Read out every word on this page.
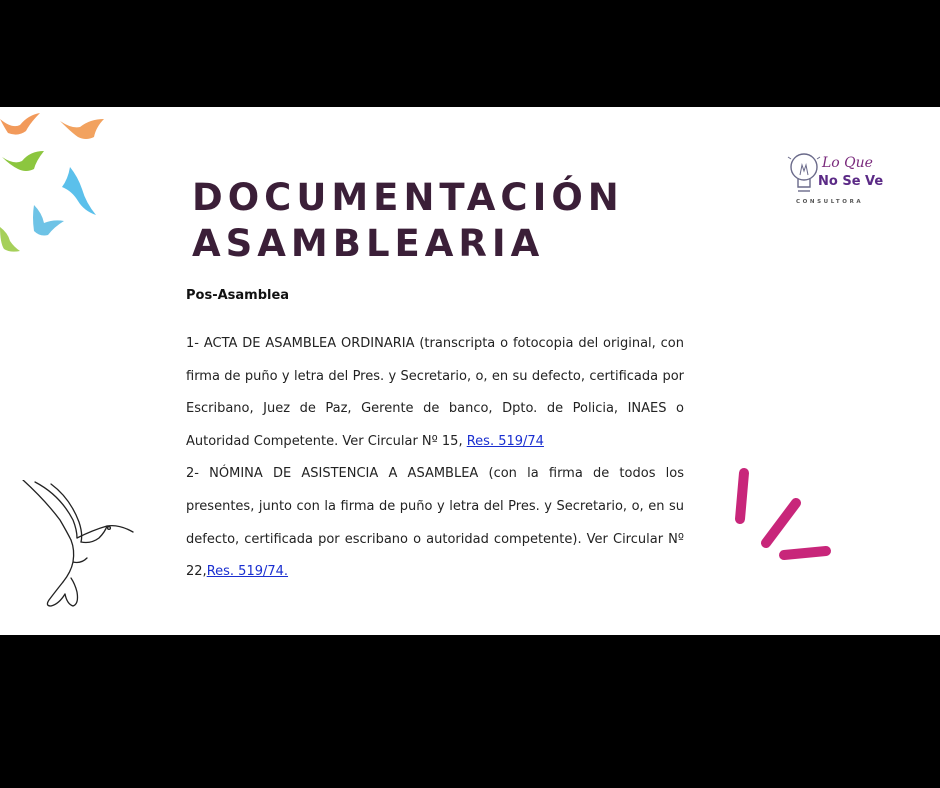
DOCUMENTACIÓN
ASAMBLEARIA

Lo Que

No Se Ve

CONSULTORA

Pos-Asamblea

1- ACTA DE ASAMBLEA ORDINARIA (transcripta o fotocopia del original, con firma de puño y letra del Pres. y Secretario, o, en su defecto, certificada por Escribano, Juez de Paz, Gerente de banco, Dpto. de Policia, INAES o Autoridad Competente. Ver Circular Nº 15, Res. 519/74

2- NÓMINA DE ASISTENCIA A ASAMBLEA (con la firma de todos los presentes, junto con la firma de puño y letra del Pres. y Secretario, o, en su defecto, certificada por escribano o autoridad competente). Ver Circular Nº 22,Res. 519/74.
